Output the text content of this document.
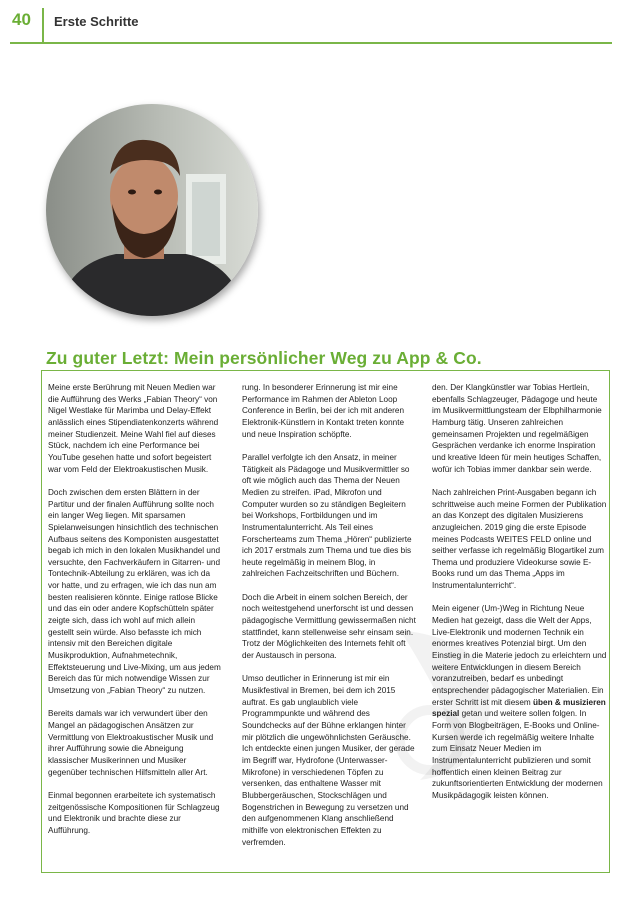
40 Erste Schritte
Zu guter Letzt: Mein persönlicher Weg zu App & Co.

Meine erste Berührung mit Neuen Medien war die Aufführung des Werks „Fabian Theory“ von Nigel Westlake für Marimba und Delay-Effekt anlässlich eines Stipendiatenkonzerts während meiner Studienzeit. Meine Wahl fiel auf dieses Stück, nachdem ich eine Performance bei YouTube gesehen hatte und sofort begeistert war vom Feld der Elektroakustischen Musik.

Doch zwischen dem ersten Blättern in der Partitur und der finalen Aufführung sollte noch ein langer Weg liegen. Mit sparsamen Spielanweisungen hinsichtlich des technischen Aufbaus seitens des Komponisten ausgestattet begab ich mich in den lokalen Musikhandel und versuchte, den Fachverkäufern in Gitarren- und Tontechnik-Abteilung zu erklären, was ich da vor hatte, und zu erfragen, wie ich das nun am besten realisieren könnte. Einige ratlose Blicke und das ein oder andere Kopfschütteln später zeigte sich, dass ich wohl auf mich allein gestellt sein würde. Also befasste ich mich intensiv mit den Bereichen digitale Musikproduktion, Aufnahmetechnik, Effektsteuerung und Live-Mixing, um aus jedem Bereich das für mich notwendige Wissen zur Umsetzung von „Fabian Theory“ zu nutzen.

Bereits damals war ich verwundert über den Mangel an pädagogischen Ansätzen zur Vermittlung von Elektroakustischer Musik und ihrer Aufführung sowie die Abneigung klassischer Musikerinnen und Musiker gegenüber technischen Hilfsmitteln aller Art.

Einmal begonnen erarbeitete ich systematisch zeitgenössische Kompositionen für Schlagzeug und Elektronik und brachte diese zur Aufführung.

rung. In besonderer Erinnerung ist mir eine Performance im Rahmen der Ableton Loop Conference in Berlin, bei der ich mit anderen Elektronik-Künstlern in Kontakt treten konnte und neue Inspiration schöpfte.

Parallel verfolgte ich den Ansatz, in meiner Tätigkeit als Pädagoge und Musikvermittler so oft wie möglich auch das Thema der Neuen Medien zu streifen. iPad, Mikrofon und Computer wurden so zu ständigen Begleitern bei Workshops, Fortbildungen und im Instrumentalunterricht. Als Teil eines Forscherteams zum Thema „Hören“ publizierte ich 2017 erstmals zum Thema und tue dies bis heute regelmäßig in meinem Blog, in zahlreichen Fachzeitschriften und Büchern.

Doch die Arbeit in einem solchen Bereich, der noch weitestgehend unerforscht ist und dessen pädagogische Vermittlung gewissermaßen nicht stattfindet, kann stellenweise sehr einsam sein. Trotz der Möglichkeiten des Internets fehlt oft der Austausch in persona.

Umso deutlicher in Erinnerung ist mir ein Musikfestival in Bremen, bei dem ich 2015 auftrat. Es gab unglaublich viele Programmpunkte und während des Soundchecks auf der Bühne erklangen hinter mir plötzlich die ungewöhnlichsten Geräusche. Ich entdeckte einen jungen Musiker, der gerade im Begriff war, Hydrofone (Unterwasser-Mikrofone) in verschiedenen Töpfen zu versenken, das enthaltene Wasser mit Blubbergeräuschen, Stockschlägen und Bogenstrichen in Bewegung zu versetzen und den aufgenommenen Klang anschließend mithilfe von elektronischen Effekten zu verfremden.

den. Der Klangkünstler war Tobias Hertlein, ebenfalls Schlagzeuger, Pädagoge und heute im Musikvermittlungsteam der Elbphilharmonie Hamburg tätig. Unseren zahlreichen gemeinsamen Projekten und regelmäßigen Gesprächen verdanke ich enorme Inspiration und kreative Ideen für mein heutiges Schaffen, wofür ich Tobias immer dankbar sein werde.

Nach zahlreichen Print-Ausgaben begann ich schrittweise auch meine Formen der Publikation an das Konzept des digitalen Musizierens anzugleichen. 2019 ging die erste Episode meines Podcasts WEITES FELD online und seither verfasse ich regelmäßig Blogartikel zum Thema und produziere Videokurse sowie E-Books rund um das Thema „Apps im Instrumentalunterricht“.

Mein eigener (Um-)Weg in Richtung Neue Medien hat gezeigt, dass die Welt der Apps, Live-Elektronik und modernen Technik ein enormes kreatives Potenzial birgt. Um den Einstieg in die Materie jedoch zu erleichtern und weitere Entwicklungen in diesem Bereich voranzutreiben, bedarf es unbedingt entsprechender pädagogischer Materialien. Ein erster Schritt ist mit diesem üben & musizieren spezial getan und weitere sollen folgen. In Form von Blogbeiträgen, E-Books und Online-Kursen werde ich regelmäßig weitere Inhalte zum Einsatz Neuer Medien im Instrumentalunterricht publizieren und somit hoffentlich einen kleinen Beitrag zur zukunftsorientierten Entwicklung der modernen Musikpädagogik leisten können.
